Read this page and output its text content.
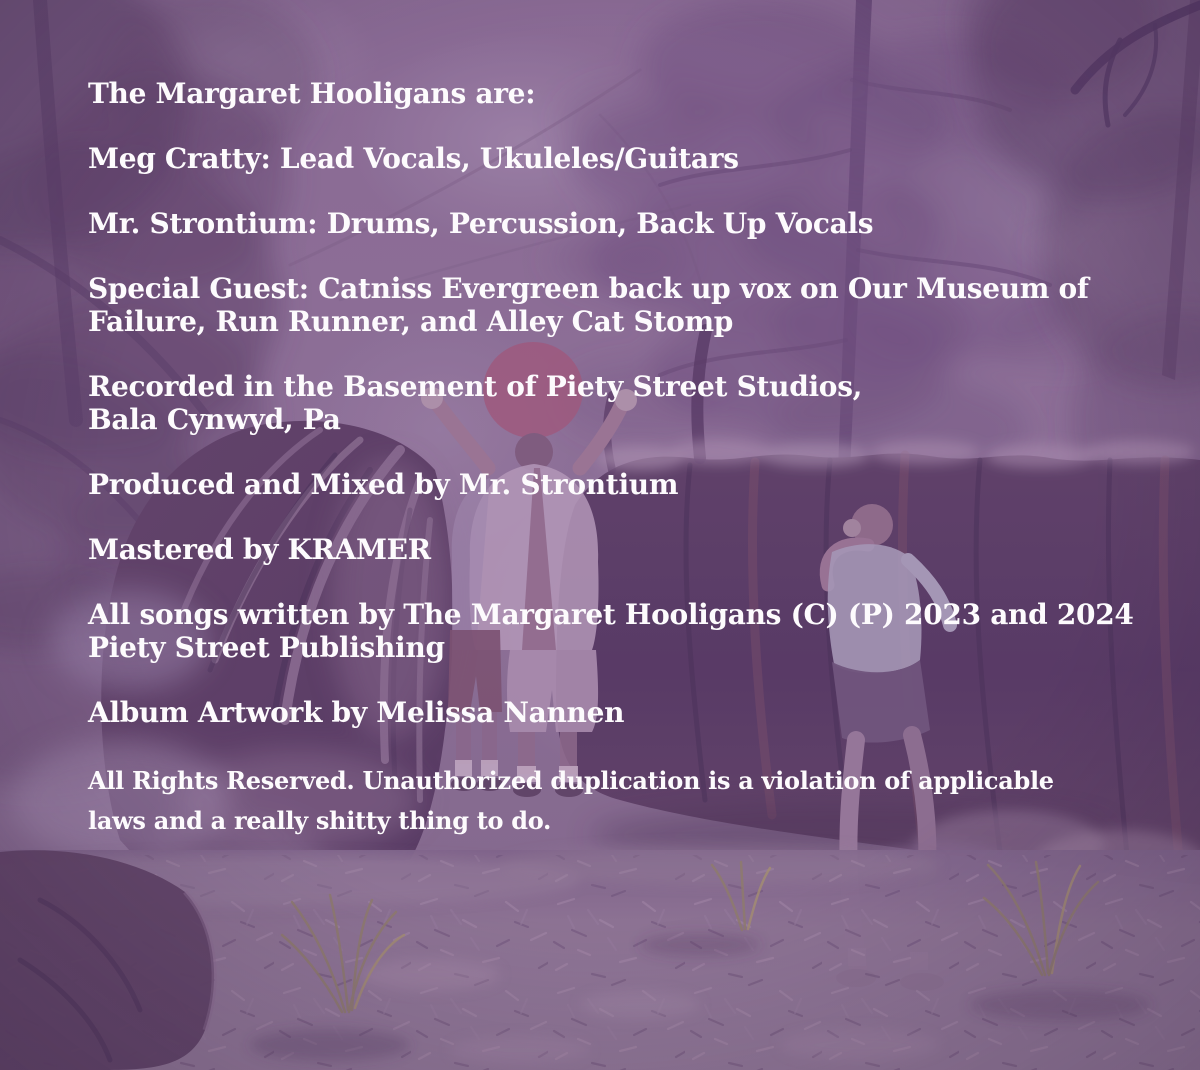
The Margaret Hooligans are:

Meg Cratty: Lead Vocals, Ukuleles/Guitars

Mr. Strontium: Drums, Percussion, Back Up Vocals

Special Guest: Catniss Evergreen back up vox on Our Museum of
Failure, Run Runner, and Alley Cat Stomp

Recorded in the Basement of Piety Street Studios,
Bala Cynwyd, Pa

Produced and Mixed by Mr. Strontium

Mastered by KRAMER

All songs written by The Margaret Hooligans (C) (P) 2023 and 2024
Piety Street Publishing

Album Artwork by Melissa Nannen

All Rights Reserved. Unauthorized duplication is a violation of applicable
laws and a really shitty thing to do.
